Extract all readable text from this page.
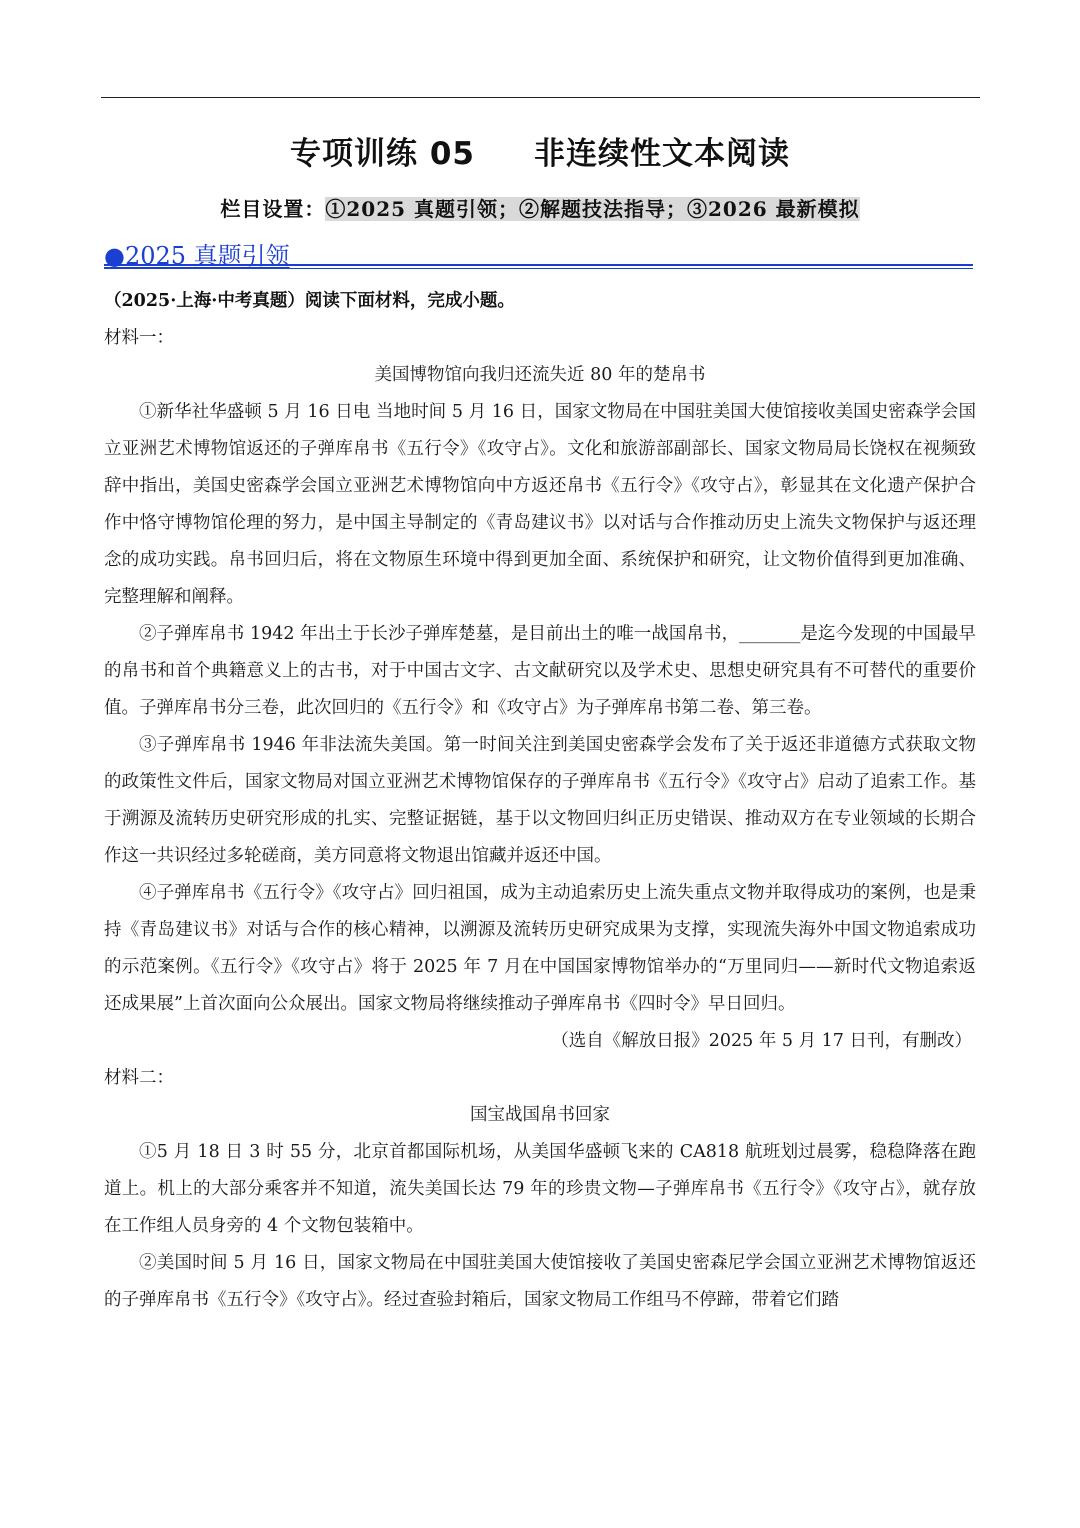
专项训练 05     非连续性文本阅读
栏目设置：①2025 真题引领；②解题技法指导；③2026 最新模拟
●2025 真题引领

（2025·上海·中考真题）阅读下面材料，完成小题。

材料一：

美国博物馆向我归还流失近 80 年的楚帛书

①新华社华盛顿 5 月 16 日电 当地时间 5 月 16 日，国家文物局在中国驻美国大使馆接收美国史密森学会国立亚洲艺术博物馆返还的子弹库帛书《五行令》《攻守占》。文化和旅游部副部长、国家文物局局长饶权在视频致辞中指出，美国史密森学会国立亚洲艺术博物馆向中方返还帛书《五行令》《攻守占》，彰显其在文化遗产保护合作中恪守博物馆伦理的努力，是中国主导制定的《青岛建议书》以对话与合作推动历史上流失文物保护与返还理念的成功实践。帛书回归后，将在文物原生环境中得到更加全面、系统保护和研究，让文物价值得到更加准确、完整理解和阐释。

②子弹库帛书 1942 年出土于长沙子弹库楚墓，是目前出土的唯一战国帛书，_______是迄今发现的中国最早的帛书和首个典籍意义上的古书，对于中国古文字、古文献研究以及学术史、思想史研究具有不可替代的重要价值。子弹库帛书分三卷，此次回归的《五行令》和《攻守占》为子弹库帛书第二卷、第三卷。

③子弹库帛书 1946 年非法流失美国。第一时间关注到美国史密森学会发布了关于返还非道德方式获取文物的政策性文件后，国家文物局对国立亚洲艺术博物馆保存的子弹库帛书《五行令》《攻守占》启动了追索工作。基于溯源及流转历史研究形成的扎实、完整证据链，基于以文物回归纠正历史错误、推动双方在专业领域的长期合作这一共识经过多轮磋商，美方同意将文物退出馆藏并返还中国。

④子弹库帛书《五行令》《攻守占》回归祖国，成为主动追索历史上流失重点文物并取得成功的案例，也是秉持《青岛建议书》对话与合作的核心精神，以溯源及流转历史研究成果为支撑，实现流失海外中国文物追索成功的示范案例。《五行令》《攻守占》将于 2025 年 7 月在中国国家博物馆举办的“万里同归——新时代文物追索返还成果展”上首次面向公众展出。国家文物局将继续推动子弹库帛书《四时令》早日回归。

（选自《解放日报》2025 年 5 月 17 日刊，有删改）

材料二：

国宝战国帛书回家

①5 月 18 日 3 时 55 分，北京首都国际机场，从美国华盛顿飞来的 CA818 航班划过晨雾，稳稳降落在跑道上。机上的大部分乘客并不知道，流失美国长达 79 年的珍贵文物—子弹库帛书《五行令》《攻守占》，就存放在工作组人员身旁的 4 个文物包装箱中。

②美国时间 5 月 16 日，国家文物局在中国驻美国大使馆接收了美国史密森尼学会国立亚洲艺术博物馆返还的子弹库帛书《五行令》《攻守占》。经过查验封箱后，国家文物局工作组马不停蹄，带着它们踏
